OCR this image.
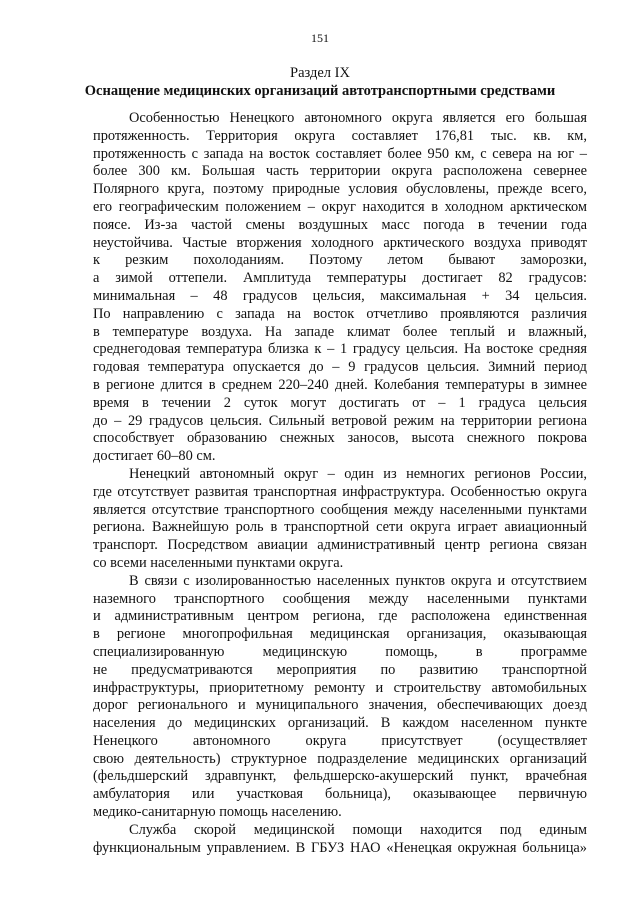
151
Раздел IX
Оснащение медицинских организаций автотранспортными средствами
Особенностью Ненецкого автономного округа является его большая
протяженность. Территория округа составляет 176,81 тыс. кв. км,
протяженность с запада на восток составляет более 950 км, с севера на юг –
более 300 км. Большая часть территории округа расположена севернее
Полярного круга, поэтому природные условия обусловлены, прежде всего,
его географическим положением – округ находится в холодном арктическом
поясе. Из-за частой смены воздушных масс погода в течении года
неустойчива. Частые вторжения холодного арктического воздуха приводят
к резким похолоданиям. Поэтому летом бывают заморозки,
а зимой оттепели. Амплитуда температуры достигает 82 градусов:
минимальная – 48 градусов цельсия, максимальная + 34 цельсия.
По направлению с запада на восток отчетливо проявляются различия
в температуре воздуха. На западе климат более теплый и влажный,
среднегодовая температура близка к – 1 градусу цельсия. На востоке средняя
годовая температура опускается до – 9 градусов цельсия. Зимний период
в регионе длится в среднем 220–240 дней. Колебания температуры в зимнее
время в течении 2 суток могут достигать от – 1 градуса цельсия
до – 29 градусов цельсия. Сильный ветровой режим на территории региона
способствует образованию снежных заносов, высота снежного покрова
достигает 60–80 см.
Ненецкий автономный округ – один из немногих регионов России,
где отсутствует развитая транспортная инфраструктура. Особенностью округа
является отсутствие транспортного сообщения между населенными пунктами
региона. Важнейшую роль в транспортной сети округа играет авиационный
транспорт. Посредством авиации административный центр региона связан
со всеми населенными пунктами округа.
В связи с изолированностью населенных пунктов округа и отсутствием
наземного транспортного сообщения между населенными пунктами
и административным центром региона, где расположена единственная
в регионе многопрофильная медицинская организация, оказывающая
специализированную медицинскую помощь, в программе
не предусматриваются мероприятия по развитию транспортной
инфраструктуры, приоритетному ремонту и строительству автомобильных
дорог регионального и муниципального значения, обеспечивающих доезд
населения до медицинских организаций. В каждом населенном пункте
Ненецкого автономного округа присутствует (осуществляет
свою деятельность) структурное подразделение медицинских организаций
(фельдшерский здравпункт, фельдшерско-акушерский пункт, врачебная
амбулатория или участковая больница), оказывающее первичную
медико-санитарную помощь населению.
Служба скорой медицинской помощи находится под единым
функциональным управлением. В ГБУЗ НАО «Ненецкая окружная больница»
